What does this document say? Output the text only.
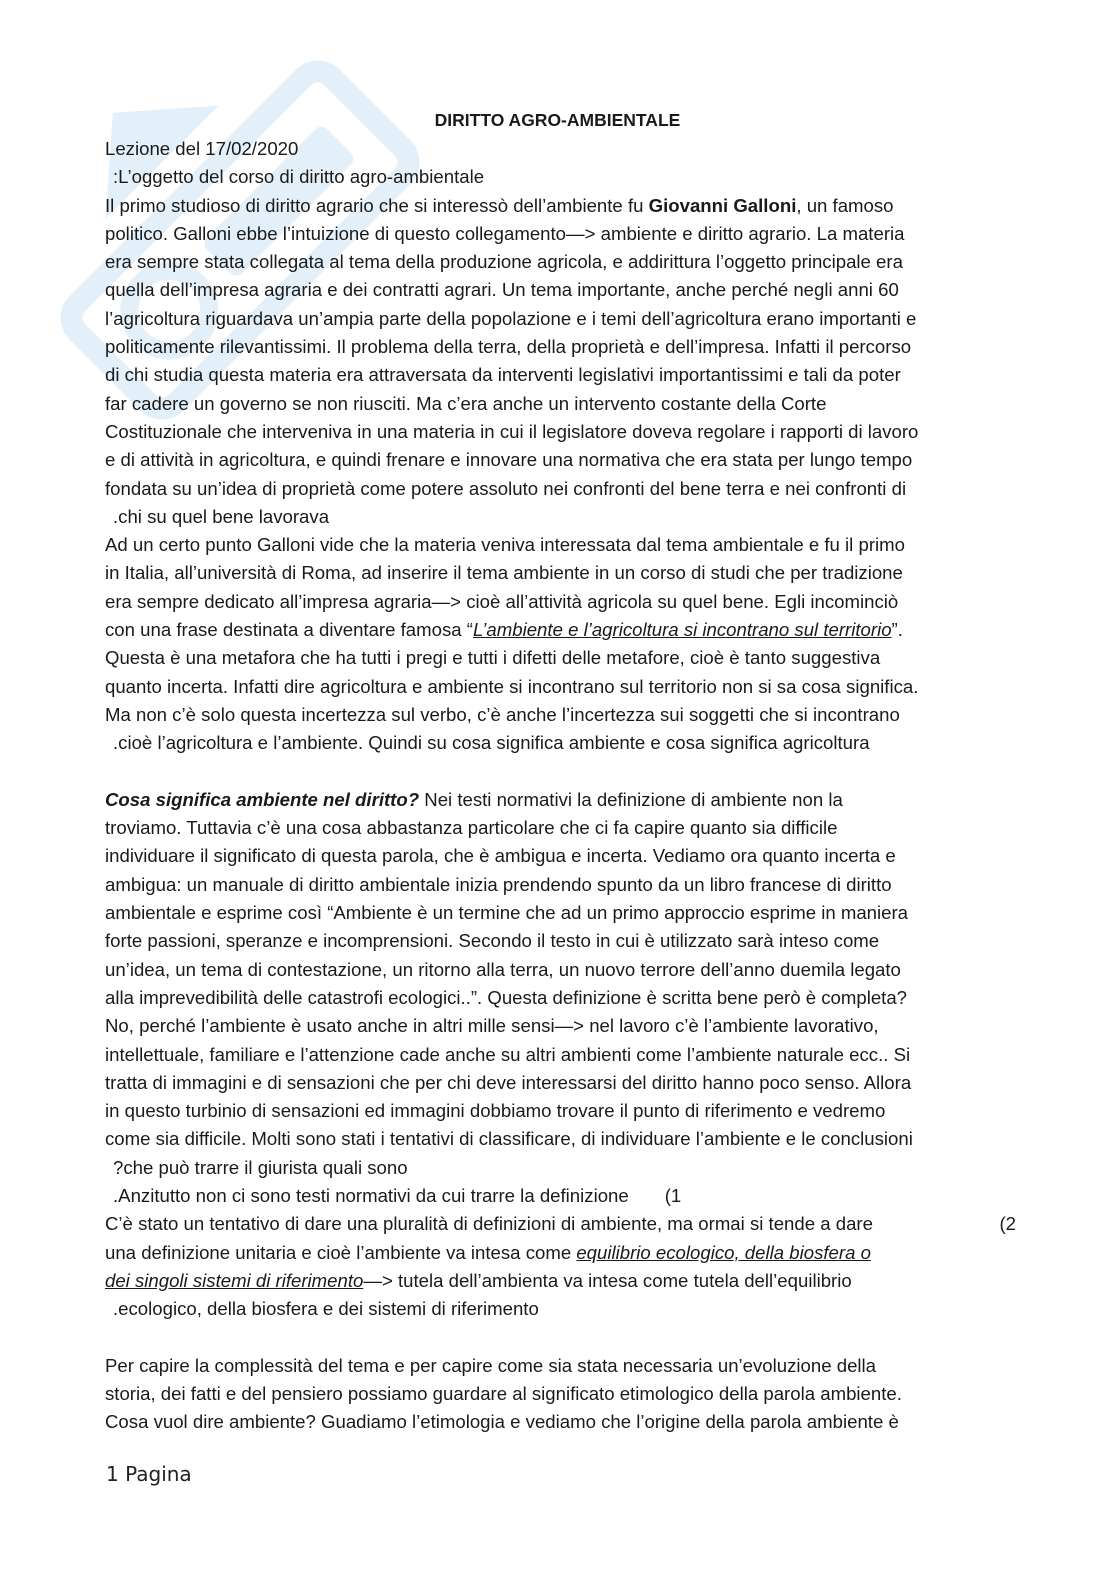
DIRITTO AGRO-AMBIENTALE
Lezione del 17/02/2020
:L’oggetto del corso di diritto agro-ambientale
Il primo studioso di diritto agrario che si interessò dell’ambiente fu Giovanni Galloni, un famoso
politico. Galloni ebbe l’intuizione di questo collegamento—> ambiente e diritto agrario. La materia
era sempre stata collegata al tema della produzione agricola, e addirittura l’oggetto principale era
quella dell’impresa agraria e dei contratti agrari. Un tema importante, anche perché negli anni 60
l’agricoltura riguardava un’ampia parte della popolazione e i temi dell’agricoltura erano importanti e
politicamente rilevantissimi. Il problema della terra, della proprietà e dell’impresa. Infatti il percorso
di chi studia questa materia era attraversata da interventi legislativi importantissimi e tali da poter
far cadere un governo se non riusciti. Ma c’era anche un intervento costante della Corte
Costituzionale che interveniva in una materia in cui il legislatore doveva regolare i rapporti di lavoro
e di attività in agricoltura, e quindi frenare e innovare una normativa che era stata per lungo tempo
fondata su un’idea di proprietà come potere assoluto nei confronti del bene terra e nei confronti di
.chi su quel bene lavorava
Ad un certo punto Galloni vide che la materia veniva interessata dal tema ambientale e fu il primo
in Italia, all’università di Roma, ad inserire il tema ambiente in un corso di studi che per tradizione
era sempre dedicato all’impresa agraria—> cioè all’attività agricola su quel bene. Egli incominciò
con una frase destinata a diventare famosa “L’ambiente e l’agricoltura si incontrano sul territorio”.
Questa è una metafora che ha tutti i pregi e tutti i difetti delle metafore, cioè è tanto suggestiva
quanto incerta. Infatti dire agricoltura e ambiente si incontrano sul territorio non si sa cosa significa.
Ma non c’è solo questa incertezza sul verbo, c’è anche l’incertezza sui soggetti che si incontrano
.cioè l’agricoltura e l’ambiente. Quindi su cosa significa ambiente e cosa significa agricoltura
Cosa significa ambiente nel diritto? Nei testi normativi la definizione di ambiente non la
troviamo. Tuttavia c’è una cosa abbastanza particolare che ci fa capire quanto sia difficile
individuare il significato di questa parola, che è ambigua e incerta. Vediamo ora quanto incerta e
ambigua: un manuale di diritto ambientale inizia prendendo spunto da un libro francese di diritto
ambientale e esprime così “Ambiente è un termine che ad un primo approccio esprime in maniera
forte passioni, speranze e incomprensioni. Secondo il testo in cui è utilizzato sarà inteso come
un’idea, un tema di contestazione, un ritorno alla terra, un nuovo terrore dell’anno duemila legato
alla imprevedibilità delle catastrofi ecologici..”. Questa definizione è scritta bene però è completa?
No, perché l’ambiente è usato anche in altri mille sensi—> nel lavoro c’è l’ambiente lavorativo,
intellettuale, familiare e l’attenzione cade anche su altri ambienti come l’ambiente naturale ecc.. Si
tratta di immagini e di sensazioni che per chi deve interessarsi del diritto hanno poco senso. Allora
in questo turbinio di sensazioni ed immagini dobbiamo trovare il punto di riferimento e vedremo
come sia difficile. Molti sono stati i tentativi di classificare, di individuare l’ambiente e le conclusioni
?che può trarre il giurista quali sono
.Anzitutto non ci sono testi normativi da cui trarre la definizione (1
C’è stato un tentativo di dare una pluralità di definizioni di ambiente, ma ormai si tende a dare	(2
una definizione unitaria e cioè l’ambiente va intesa come equilibrio ecologico, della biosfera o
dei singoli sistemi di riferimento—> tutela dell’ambienta va intesa come tutela dell’equilibrio
.ecologico, della biosfera e dei sistemi di riferimento
Per capire la complessità del tema e per capire come sia stata necessaria un’evoluzione della
storia, dei fatti e del pensiero possiamo guardare al significato etimologico della parola ambiente.
Cosa vuol dire ambiente? Guadiamo l’etimologia e vediamo che l’origine della parola ambiente è
1 Pagina
